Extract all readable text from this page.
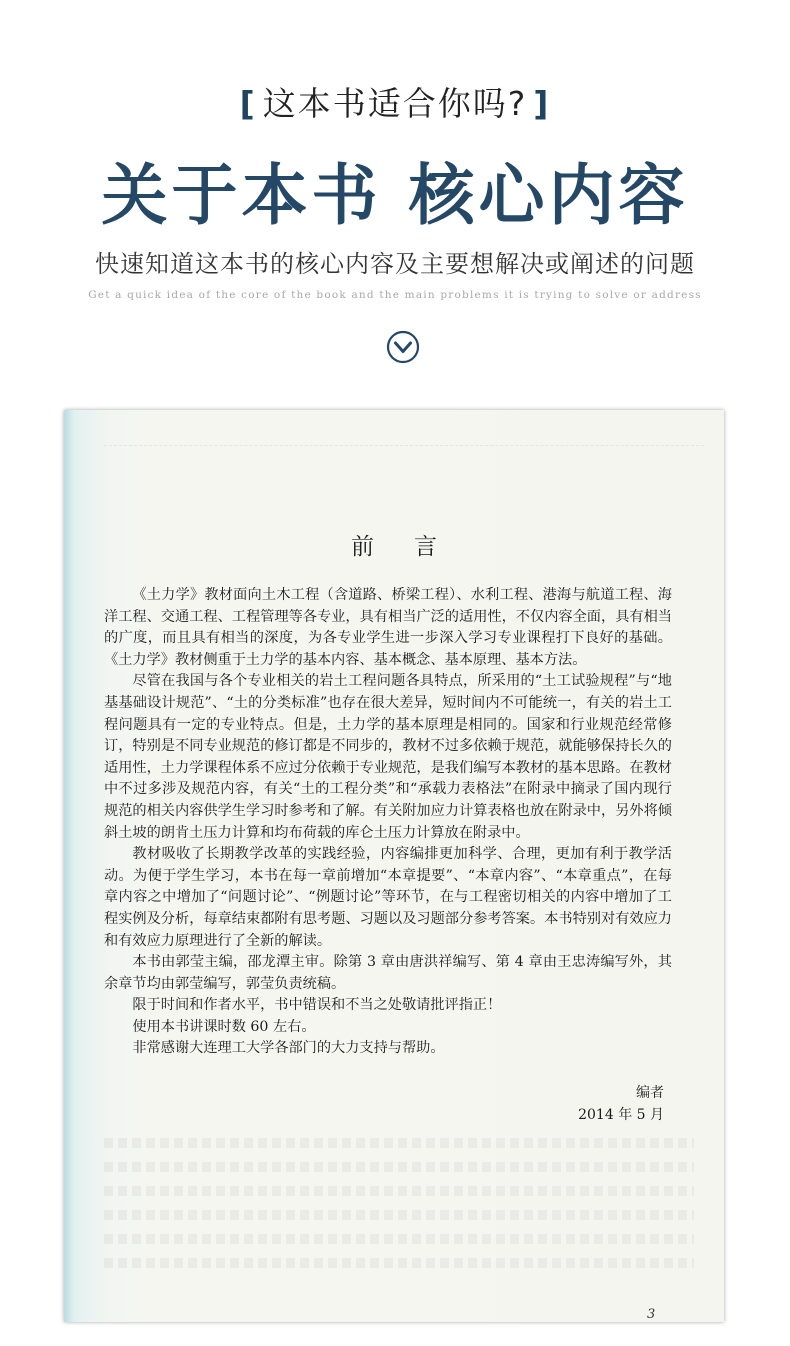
[ 这本书适合你吗? ]
关于本书 核心内容
快速知道这本书的核心内容及主要想解决或阐述的问题
Get a quick idea of the core of the book and the main problems it is trying to solve or address
前言

《土力学》教材面向土木工程（含道路、桥梁工程）、水利工程、港海与航道工程、海洋工程、交通工程、工程管理等各专业，具有相当广泛的适用性，不仅内容全面，具有相当的广度，而且具有相当的深度，为各专业学生进一步深入学习专业课程打下良好的基础。《土力学》教材侧重于土力学的基本内容、基本概念、基本原理、基本方法。

尽管在我国与各个专业相关的岩土工程问题各具特点，所采用的“土工试验规程”与“地基基础设计规范”、“土的分类标准”也存在很大差异，短时间内不可能统一，有关的岩土工程问题具有一定的专业特点。但是，土力学的基本原理是相同的。国家和行业规范经常修订，特别是不同专业规范的修订都是不同步的，教材不过多依赖于规范，就能够保持长久的适用性，土力学课程体系不应过分依赖于专业规范，是我们编写本教材的基本思路。在教材中不过多涉及规范内容，有关“土的工程分类”和“承载力表格法”在附录中摘录了国内现行规范的相关内容供学生学习时参考和了解。有关附加应力计算表格也放在附录中，另外将倾斜土坡的朗肯土压力计算和均布荷载的库仑土压力计算放在附录中。

教材吸收了长期教学改革的实践经验，内容编排更加科学、合理，更加有利于教学活动。为便于学生学习，本书在每一章前增加“本章提要”、“本章内容”、“本章重点”，在每章内容之中增加了“问题讨论”、“例题讨论”等环节，在与工程密切相关的内容中增加了工程实例及分析，每章结束都附有思考题、习题以及习题部分参考答案。本书特别对有效应力和有效应力原理进行了全新的解读。

本书由郭莹主编，邵龙潭主审。除第 3 章由唐洪祥编写、第 4 章由王忠涛编写外，其余章节均由郭莹编写，郭莹负责统稿。

限于时间和作者水平，书中错误和不当之处敬请批评指正！

使用本书讲课时数 60 左右。

非常感谢大连理工大学各部门的大力支持与帮助。

编者
2014 年 5 月
3
